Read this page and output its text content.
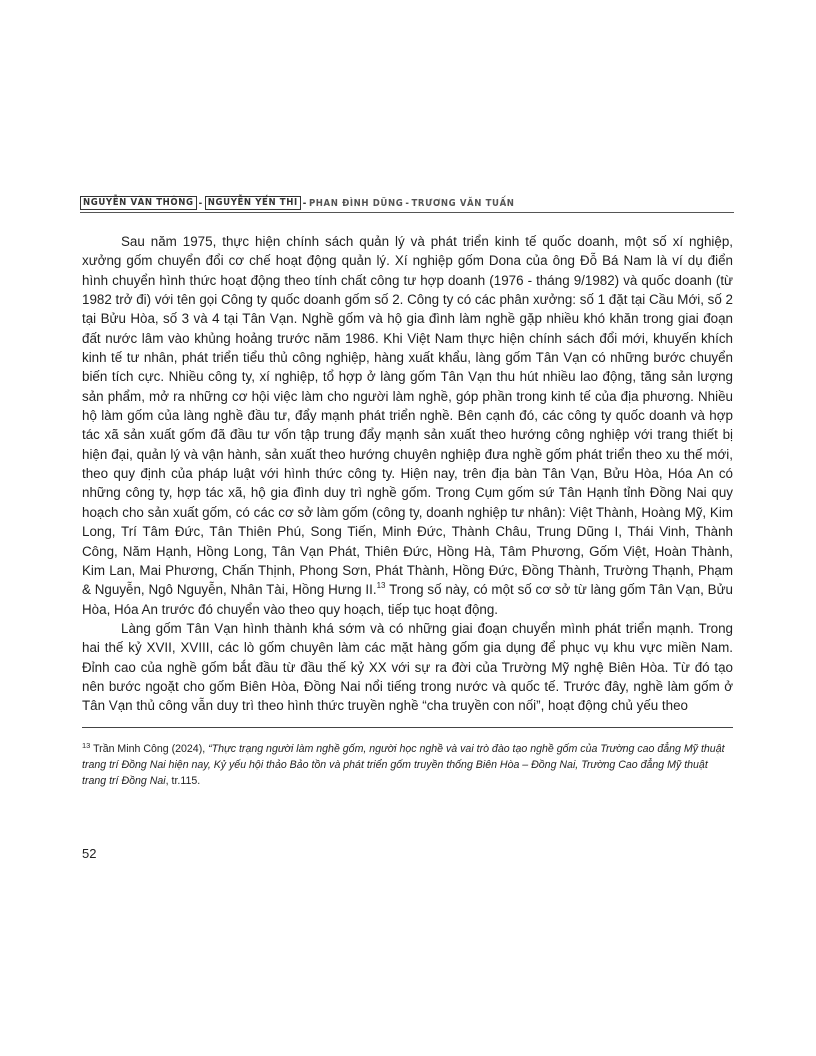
NGUYỄN VĂN THÔNG - NGUYỄN YẾN THI - PHAN ĐÌNH DŨNG - TRƯƠNG VĂN TUẤN

Sau năm 1975, thực hiện chính sách quản lý và phát triển kinh tế quốc doanh, một số xí nghiệp, xưởng gốm chuyển đổi cơ chế hoạt động quản lý. Xí nghiệp gốm Dona của ông Đỗ Bá Nam là ví dụ điển hình chuyển hình thức hoạt động theo tính chất công tư hợp doanh (1976 - tháng 9/1982) và quốc doanh (từ 1982 trở đi) với tên gọi Công ty quốc doanh gốm số 2. Công ty có các phân xưởng: số 1 đặt tại Cầu Mới, số 2 tại Bửu Hòa, số 3 và 4 tại Tân Vạn. Nghề gốm và hộ gia đình làm nghề gặp nhiều khó khăn trong giai đoạn đất nước lâm vào khủng hoảng trước năm 1986. Khi Việt Nam thực hiện chính sách đổi mới, khuyến khích kinh tế tư nhân, phát triển tiểu thủ công nghiệp, hàng xuất khẩu, làng gốm Tân Vạn có những bước chuyển biến tích cực. Nhiều công ty, xí nghiệp, tổ hợp ở làng gốm Tân Vạn thu hút nhiều lao động, tăng sản lượng sản phẩm, mở ra những cơ hội việc làm cho người làm nghề, góp phần trong kinh tế của địa phương. Nhiều hộ làm gốm của làng nghề đầu tư, đẩy mạnh phát triển nghề. Bên cạnh đó, các công ty quốc doanh và hợp tác xã sản xuất gốm đã đầu tư vốn tập trung đẩy mạnh sản xuất theo hướng công nghiệp với trang thiết bị hiện đại, quản lý và vận hành, sản xuất theo hướng chuyên nghiệp đưa nghề gốm phát triển theo xu thế mới, theo quy định của pháp luật với hình thức công ty. Hiện nay, trên địa bàn Tân Vạn, Bửu Hòa, Hóa An có những công ty, hợp tác xã, hộ gia đình duy trì nghề gốm. Trong Cụm gốm sứ Tân Hạnh tỉnh Đồng Nai quy hoạch cho sản xuất gốm, có các cơ sở làm gốm (công ty, doanh nghiệp tư nhân): Việt Thành, Hoàng Mỹ, Kim Long, Trí Tâm Đức, Tân Thiên Phú, Song Tiến, Minh Đức, Thành Châu, Trung Dũng I, Thái Vinh, Thành Công, Năm Hạnh, Hồng Long, Tân Vạn Phát, Thiên Đức, Hồng Hà, Tâm Phương, Gốm Việt, Hoàn Thành, Kim Lan, Mai Phương, Chấn Thịnh, Phong Sơn, Phát Thành, Hồng Đức, Đồng Thành, Trường Thạnh, Phạm & Nguyễn, Ngô Nguyễn, Nhân Tài, Hồng Hưng II.$^{13}$ Trong số này, có một số cơ sở từ làng gốm Tân Vạn, Bửu Hòa, Hóa An trước đó chuyển vào theo quy hoạch, tiếp tục hoạt động.

Làng gốm Tân Vạn hình thành khá sớm và có những giai đoạn chuyển mình phát triển mạnh. Trong hai thế kỷ XVII, XVIII, các lò gốm chuyên làm các mặt hàng gốm gia dụng để phục vụ khu vực miền Nam. Đỉnh cao của nghề gốm bắt đầu từ đầu thế kỷ XX với sự ra đời của Trường Mỹ nghệ Biên Hòa. Từ đó tạo nên bước ngoặt cho gốm Biên Hòa, Đồng Nai nổi tiếng trong nước và quốc tế. Trước đây, nghề làm gốm ở Tân Vạn thủ công vẫn duy trì theo hình thức truyền nghề “cha truyền con nối”, hoạt động chủ yếu theo

$^{13}$ Trần Minh Công (2024), “Thực trạng người làm nghề gốm, người học nghề và vai trò đào tạo nghề gốm của Trường cao đẳng Mỹ thuật trang trí Đồng Nai hiện nay, Kỷ yếu hội thảo Bảo tồn và phát triển gốm truyền thống Biên Hòa – Đồng Nai, Trường Cao đẳng Mỹ thuật trang trí Đồng Nai, tr.115.
52
